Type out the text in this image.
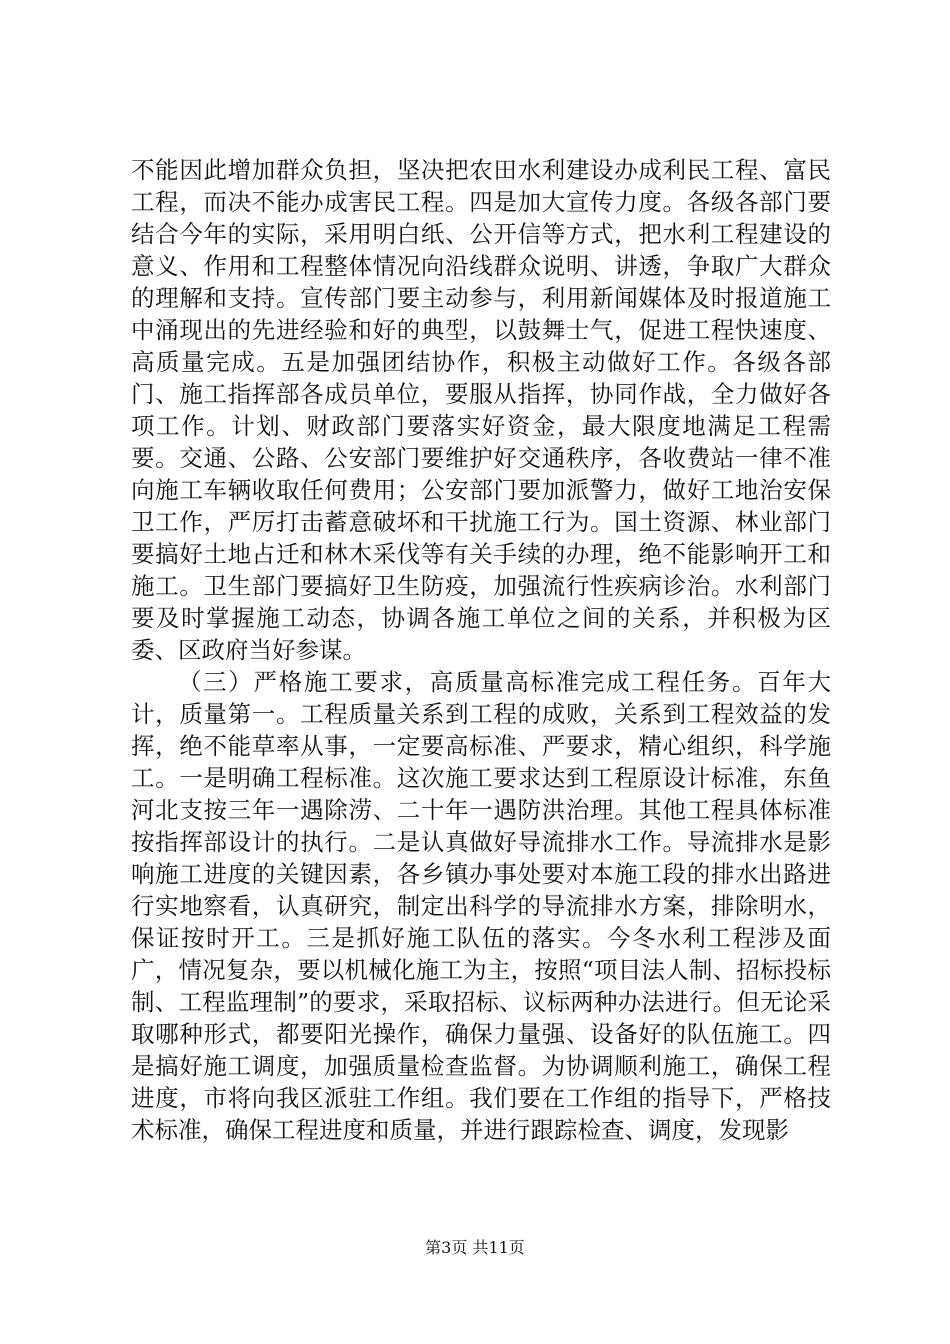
不能因此增加群众负担，坚决把农田水利建设办成利民工程、富民工程，而决不能办成害民工程。四是加大宣传力度。各级各部门要结合今年的实际，采用明白纸、公开信等方式，把水利工程建设的意义、作用和工程整体情况向沿线群众说明、讲透，争取广大群众的理解和支持。宣传部门要主动参与，利用新闻媒体及时报道施工中涌现出的先进经验和好的典型，以鼓舞士气，促进工程快速度、高质量完成。五是加强团结协作，积极主动做好工作。各级各部门、施工指挥部各成员单位，要服从指挥，协同作战，全力做好各项工作。计划、财政部门要落实好资金，最大限度地满足工程需要。交通、公路、公安部门要维护好交通秩序，各收费站一律不准向施工车辆收取任何费用；公安部门要加派警力，做好工地治安保卫工作，严厉打击蓄意破坏和干扰施工行为。国土资源、林业部门要搞好土地占迁和林木采伐等有关手续的办理，绝不能影响开工和施工。卫生部门要搞好卫生防疫，加强流行性疾病诊治。水利部门要及时掌握施工动态，协调各施工单位之间的关系，并积极为区委、区政府当好参谋。

（三）严格施工要求，高质量高标准完成工程任务。百年大计，质量第一。工程质量关系到工程的成败，关系到工程效益的发挥，绝不能草率从事，一定要高标准、严要求，精心组织，科学施工。一是明确工程标准。这次施工要求达到工程原设计标准，东鱼河北支按三年一遇除涝、二十年一遇防洪治理。其他工程具体标准按指挥部设计的执行。二是认真做好导流排水工作。导流排水是影响施工进度的关键因素，各乡镇办事处要对本施工段的排水出路进行实地察看，认真研究，制定出科学的导流排水方案，排除明水，保证按时开工。三是抓好施工队伍的落实。今冬水利工程涉及面广，情况复杂，要以机械化施工为主，按照“项目法人制、招标投标制、工程监理制”的要求，采取招标、议标两种办法进行。但无论采取哪种形式，都要阳光操作，确保力量强、设备好的队伍施工。四是搞好施工调度，加强质量检查监督。为协调顺利施工，确保工程进度，市将向我区派驻工作组。我们要在工作组的指导下，严格技术标准，确保工程进度和质量，并进行跟踪检查、调度，发现影

第3页 共11页
